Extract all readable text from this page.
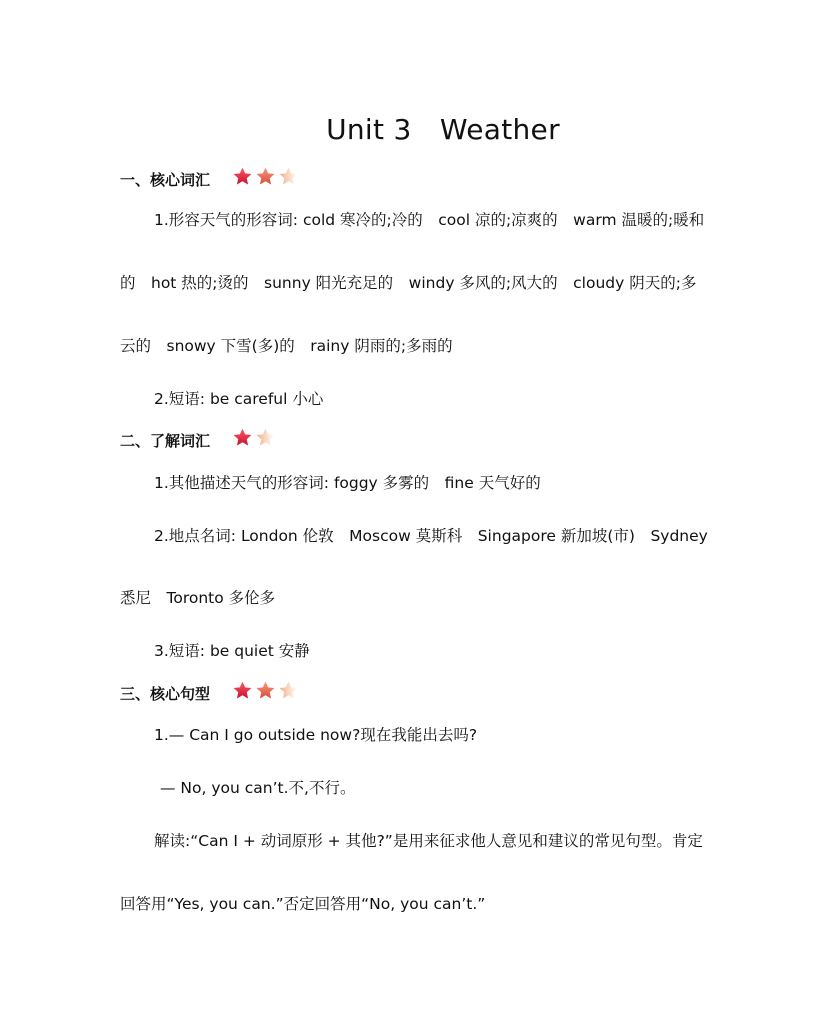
Unit 3　Weather
一、核心词汇
1.形容天气的形容词: cold 寒冷的;冷的　cool 凉的;凉爽的　warm 温暖的;暖和
的　hot 热的;烫的　sunny 阳光充足的　windy 多风的;风大的　cloudy 阴天的;多
云的　snowy 下雪(多)的　rainy 阴雨的;多雨的
2.短语: be careful 小心
二、了解词汇
1.其他描述天气的形容词: foggy 多雾的　fine 天气好的
2.地点名词: London 伦敦　Moscow 莫斯科　Singapore 新加坡(市)　Sydney
悉尼　Toronto 多伦多
3.短语: be quiet 安静
三、核心句型
1.— Can I go outside now?现在我能出去吗?
— No, you can’t.不,不行。
解读:“Can I + 动词原形 + 其他?”是用来征求他人意见和建议的常见句型。肯定
回答用“Yes, you can.”否定回答用“No, you can’t.”
